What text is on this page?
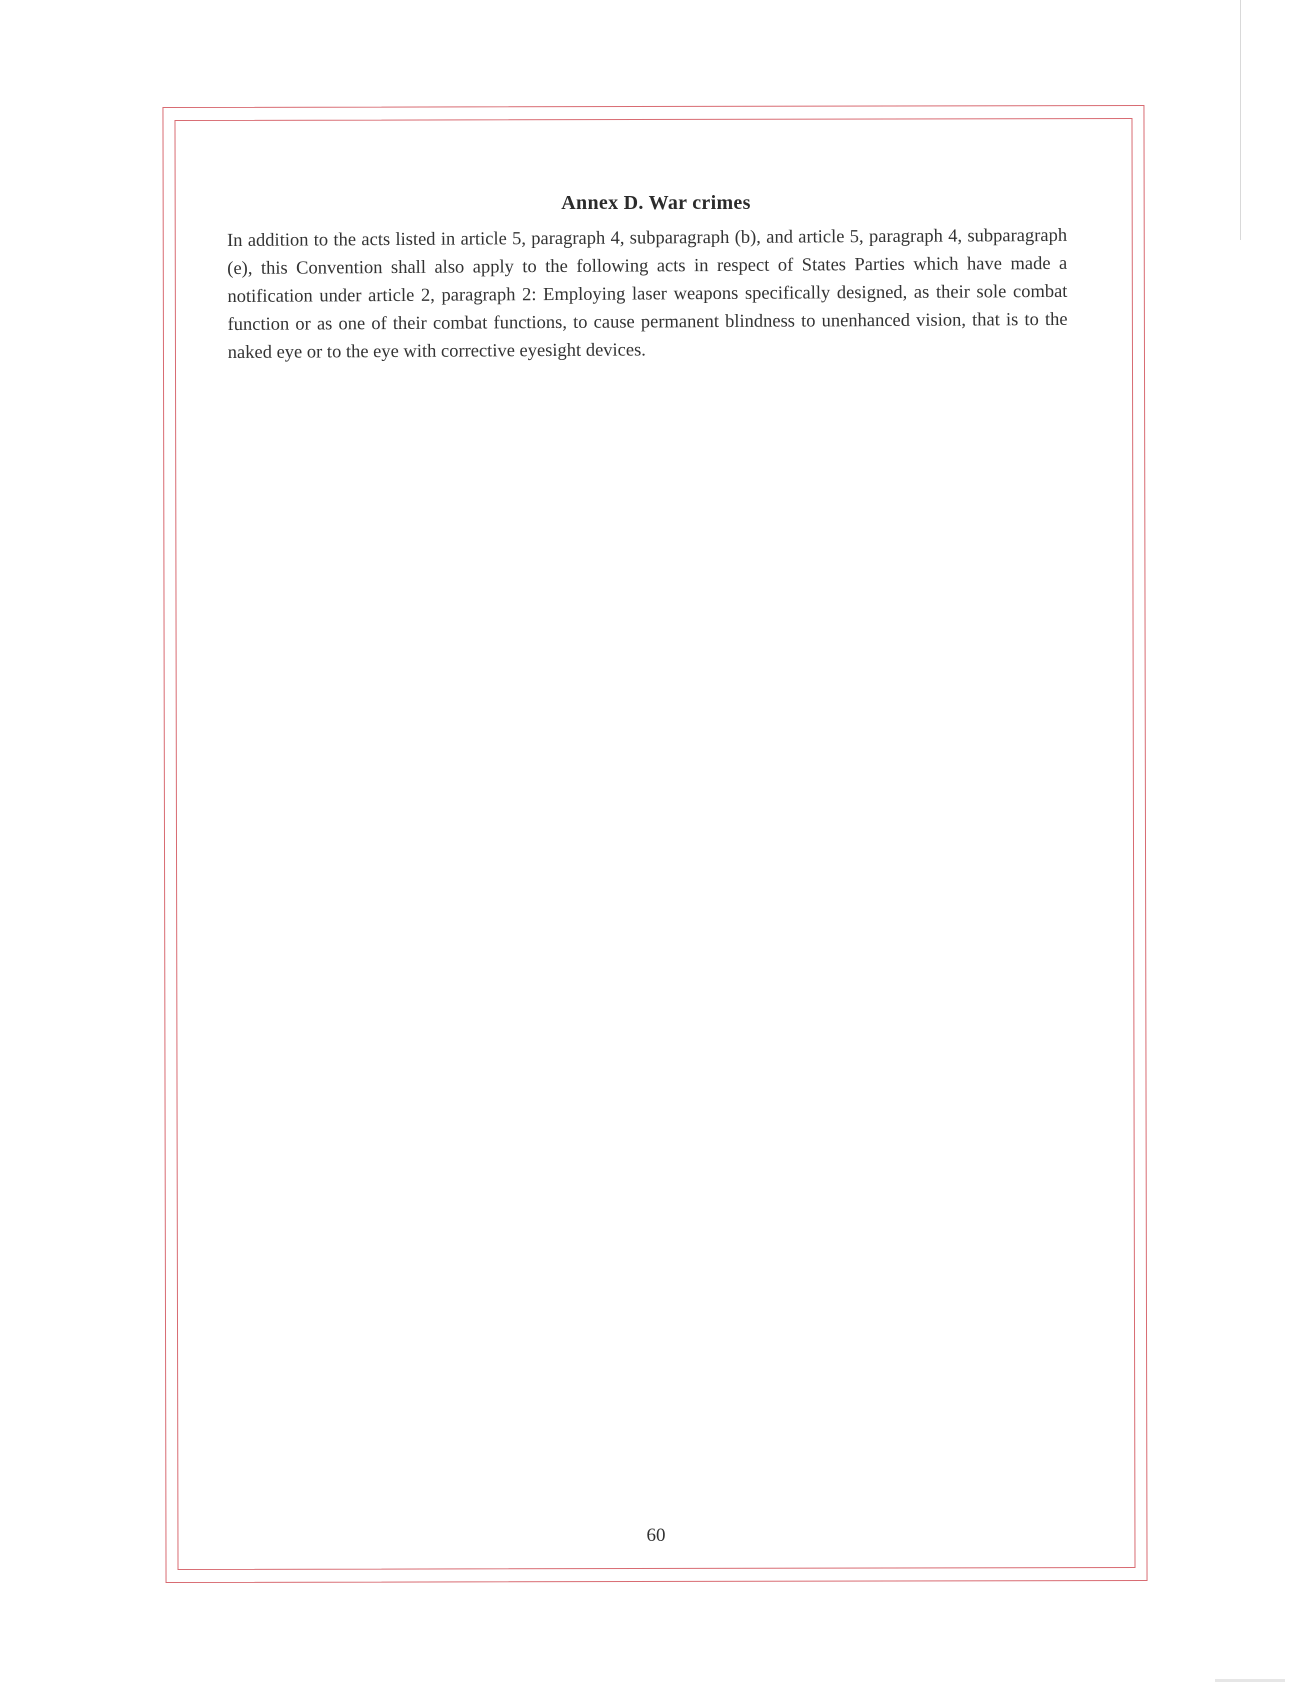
Annex D. War crimes

In addition to the acts listed in article 5, paragraph 4, subparagraph (b), and article 5, paragraph 4, subparagraph (e), this Convention shall also apply to the following acts in respect of States Parties which have made a notification under article 2, paragraph 2: Employing laser weapons specifically designed, as their sole combat function or as one of their combat functions, to cause permanent blindness to unenhanced vision, that is to the naked eye or to the eye with corrective eyesight devices.

60
